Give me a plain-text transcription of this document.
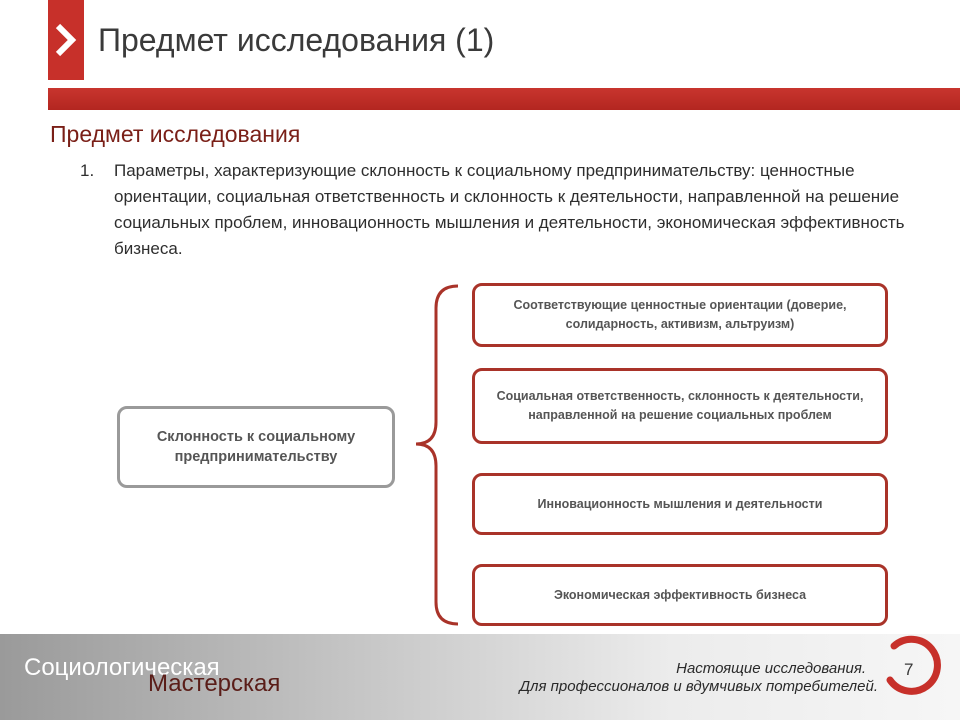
Предмет исследования (1)
Предмет исследования
1. Параметры, характеризующие склонность к социальному предпринимательству: ценностные ориентации, социальная ответственность и склонность к деятельности, направленной на решение социальных проблем, инновационность мышления и деятельности, экономическая эффективность бизнеса.
Склонность к социальному предпринимательству
Соответствующие ценностные ориентации (доверие, солидарность, активизм, альтруизм)
Социальная ответственность, склонность к деятельности, направленной на решение социальных проблем
Инновационность мышления и деятельности
Экономическая эффективность бизнеса
Социологическая
Мастерская
Настоящие исследования.
Для профессионалов и вдумчивых потребителей.
7
